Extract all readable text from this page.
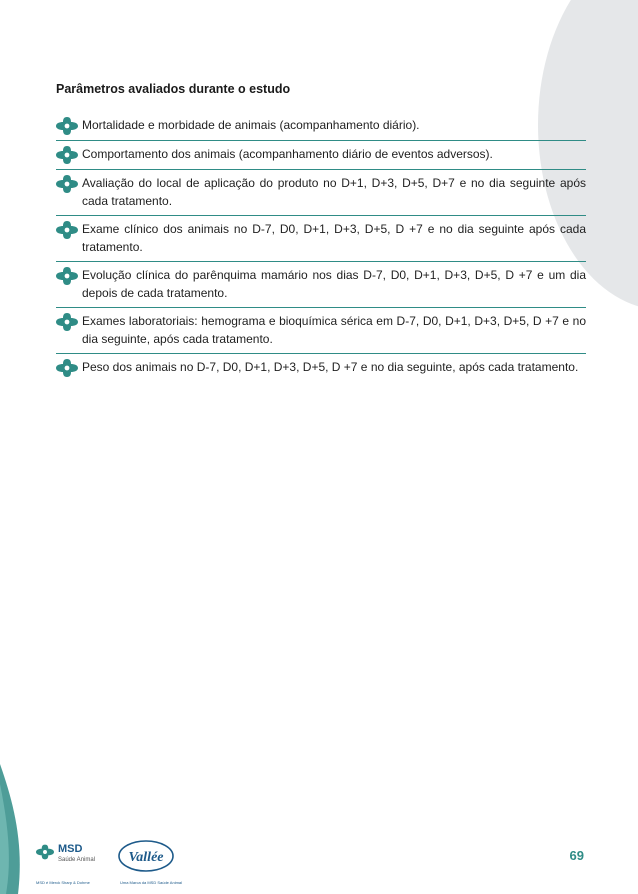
Parâmetros avaliados durante o estudo
Mortalidade e morbidade de animais (acompanhamento diário).
Comportamento dos animais (acompanhamento diário de eventos adversos).
Avaliação do local de aplicação do produto no D+1, D+3, D+5, D+7 e no dia seguinte após cada tratamento.
Exame clínico dos animais no D-7, D0, D+1, D+3, D+5, D +7 e no dia seguinte após cada tratamento.
Evolução clínica do parênquima mamário nos dias D-7, D0, D+1, D+3, D+5, D +7 e um dia depois de cada tratamento.
Exames laboratoriais: hemograma e bioquímica sérica em D-7, D0, D+1, D+3, D+5, D +7 e no dia seguinte, após cada tratamento.
Peso dos animais no D-7, D0, D+1, D+3, D+5, D +7 e no dia seguinte, após cada tratamento.
MSD
Saúde Animal
MSD é Merck Sharp & Dohme
Vallée
Uma Marca da MSD Saúde Animal
69
